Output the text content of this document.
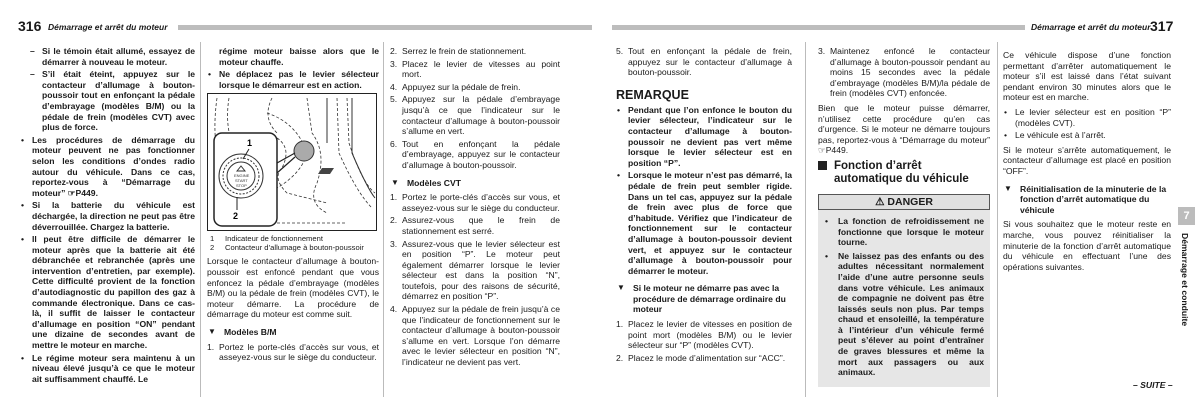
316 Démarrage et arrêt du moteur	Démarrage et arrêt du moteur 317
– Si le témoin était allumé, essayez de démarrer à nouveau le moteur.
– S’il était éteint, appuyez sur le contacteur d’allumage à bouton-poussoir tout en enfonçant la pédale d’embrayage (modèles B/M) ou la pédale de frein (modèles CVT) avec plus de force.
• Les procédures de démarrage du moteur peuvent ne pas fonctionner selon les conditions d’ondes radio autour du véhicule. Dans ce cas, reportez-vous à “Démarrage du moteur” ☞P449.
• Si la batterie du véhicule est déchargée, la direction ne peut pas être déverrouillée. Chargez la batterie.
• Il peut être difficile de démarrer le moteur après que la batterie ait été débranchée et rebranchée (après une intervention d’entretien, par exemple). Cette difficulté provient de la fonction d’autodiagnostic du papillon des gaz à commande électronique. Dans ce cas-là, il suffit de laisser le contacteur d’allumage en position “ON” pendant une dizaine de secondes avant de mettre le moteur en marche.
• Le régime moteur sera maintenu à un niveau élevé jusqu’à ce que le moteur ait suffisamment chauffé. Le
régime moteur baisse alors que le moteur chauffe.
• Ne déplacez pas le levier sélecteur lorsque le démarreur est en action.
ENGINE
START
STOP
1
2
1 Indicateur de fonctionnement
2 Contacteur d’allumage à bouton-poussoir
Lorsque le contacteur d’allumage à bouton-poussoir est enfoncé pendant que vous enfoncez la pédale d’embrayage (modèles B/M) ou la pédale de frein (modèles CVT), le moteur démarre. La procédure de démarrage du moteur est comme suit.
▼ Modèles B/M
1. Portez le porte-clés d’accès sur vous, et asseyez-vous sur le siège du conducteur.
2. Serrez le frein de stationnement.
3. Placez le levier de vitesses au point mort.
4. Appuyez sur la pédale de frein.
5. Appuyez sur la pédale d’embrayage jusqu’à ce que l’indicateur sur le contacteur d’allumage à bouton-poussoir s’allume en vert.
6. Tout en enfonçant la pédale d’embrayage, appuyez sur le contacteur d’allumage à bouton-poussoir.
▼ Modèles CVT
1. Portez le porte-clés d’accès sur vous, et asseyez-vous sur le siège du conducteur.
2. Assurez-vous que le frein de stationnement est serré.
3. Assurez-vous que le levier sélecteur est en position “P”. Le moteur peut également démarrer lorsque le levier sélecteur est dans la position “N”, toutefois, pour des raisons de sécurité, démarrez en position “P”.
4. Appuyez sur la pédale de frein jusqu’à ce que l’indicateur de fonctionnement sur le contacteur d’allumage à bouton-poussoir s’allume en vert. Lorsque l’on démarre avec le levier sélecteur en position “N”, l’indicateur ne devient pas vert.
5. Tout en enfonçant la pédale de frein, appuyez sur le contacteur d’allumage à bouton-poussoir.
REMARQUE
• Pendant que l’on enfonce le bouton du levier sélecteur, l’indicateur sur le contacteur d’allumage à bouton-poussoir ne devient pas vert même lorsque le levier sélecteur est en position “P”.
• Lorsque le moteur n’est pas démarré, la pédale de frein peut sembler rigide. Dans un tel cas, appuyez sur la pédale de frein avec plus de force que d’habitude. Vérifiez que l’indicateur de fonctionnement sur le contacteur d’allumage à bouton-poussoir devient vert, et appuyez sur le contacteur d’allumage à bouton-poussoir pour démarrer le moteur.
▼ Si le moteur ne démarre pas avec la procédure de démarrage ordinaire du moteur
1. Placez le levier de vitesses en position de point mort (modèles B/M) ou le levier sélecteur sur “P” (modèles CVT).
2. Placez le mode d’alimentation sur “ACC”.
3. Maintenez enfoncé le contacteur d’allumage à bouton-poussoir pendant au moins 15 secondes avec la pédale d’embrayage (modèles B/M)/la pédale de frein (modèles CVT) enfoncée.
Bien que le moteur puisse démarrer, n’utilisez cette procédure qu’en cas d’urgence. Si le moteur ne démarre toujours pas, reportez-vous à “Démarrage du moteur” ☞P449.
Fonction d’arrêt automatique du véhicule
⚠ DANGER
• La fonction de refroidissement ne fonctionne que lorsque le moteur tourne.
• Ne laissez pas des enfants ou des adultes nécessitant normalement l’aide d’une autre personne seuls dans votre véhicule. Les animaux de compagnie ne doivent pas être laissés seuls non plus. Par temps chaud et ensoleillé, la température à l’intérieur d’un véhicule fermé peut s’élever au point d’entraîner de graves blessures et même la mort aux passagers ou aux animaux.
Ce véhicule dispose d’une fonction permettant d’arrêter automatiquement le moteur s’il est laissé dans l’état suivant pendant environ 30 minutes alors que le moteur est en marche.
• Le levier sélecteur est en position “P” (modèles CVT).
• Le véhicule est à l’arrêt.
Si le moteur s’arrête automatiquement, le contacteur d’allumage est placé en position “OFF”.
▼ Réinitialisation de la minuterie de la fonction d’arrêt automatique du véhicule
Si vous souhaitez que le moteur reste en marche, vous pouvez réinitialiser la minuterie de la fonction d’arrêt automatique du véhicule en effectuant l’une des opérations suivantes.
7
Démarrage et conduite
– SUITE –
